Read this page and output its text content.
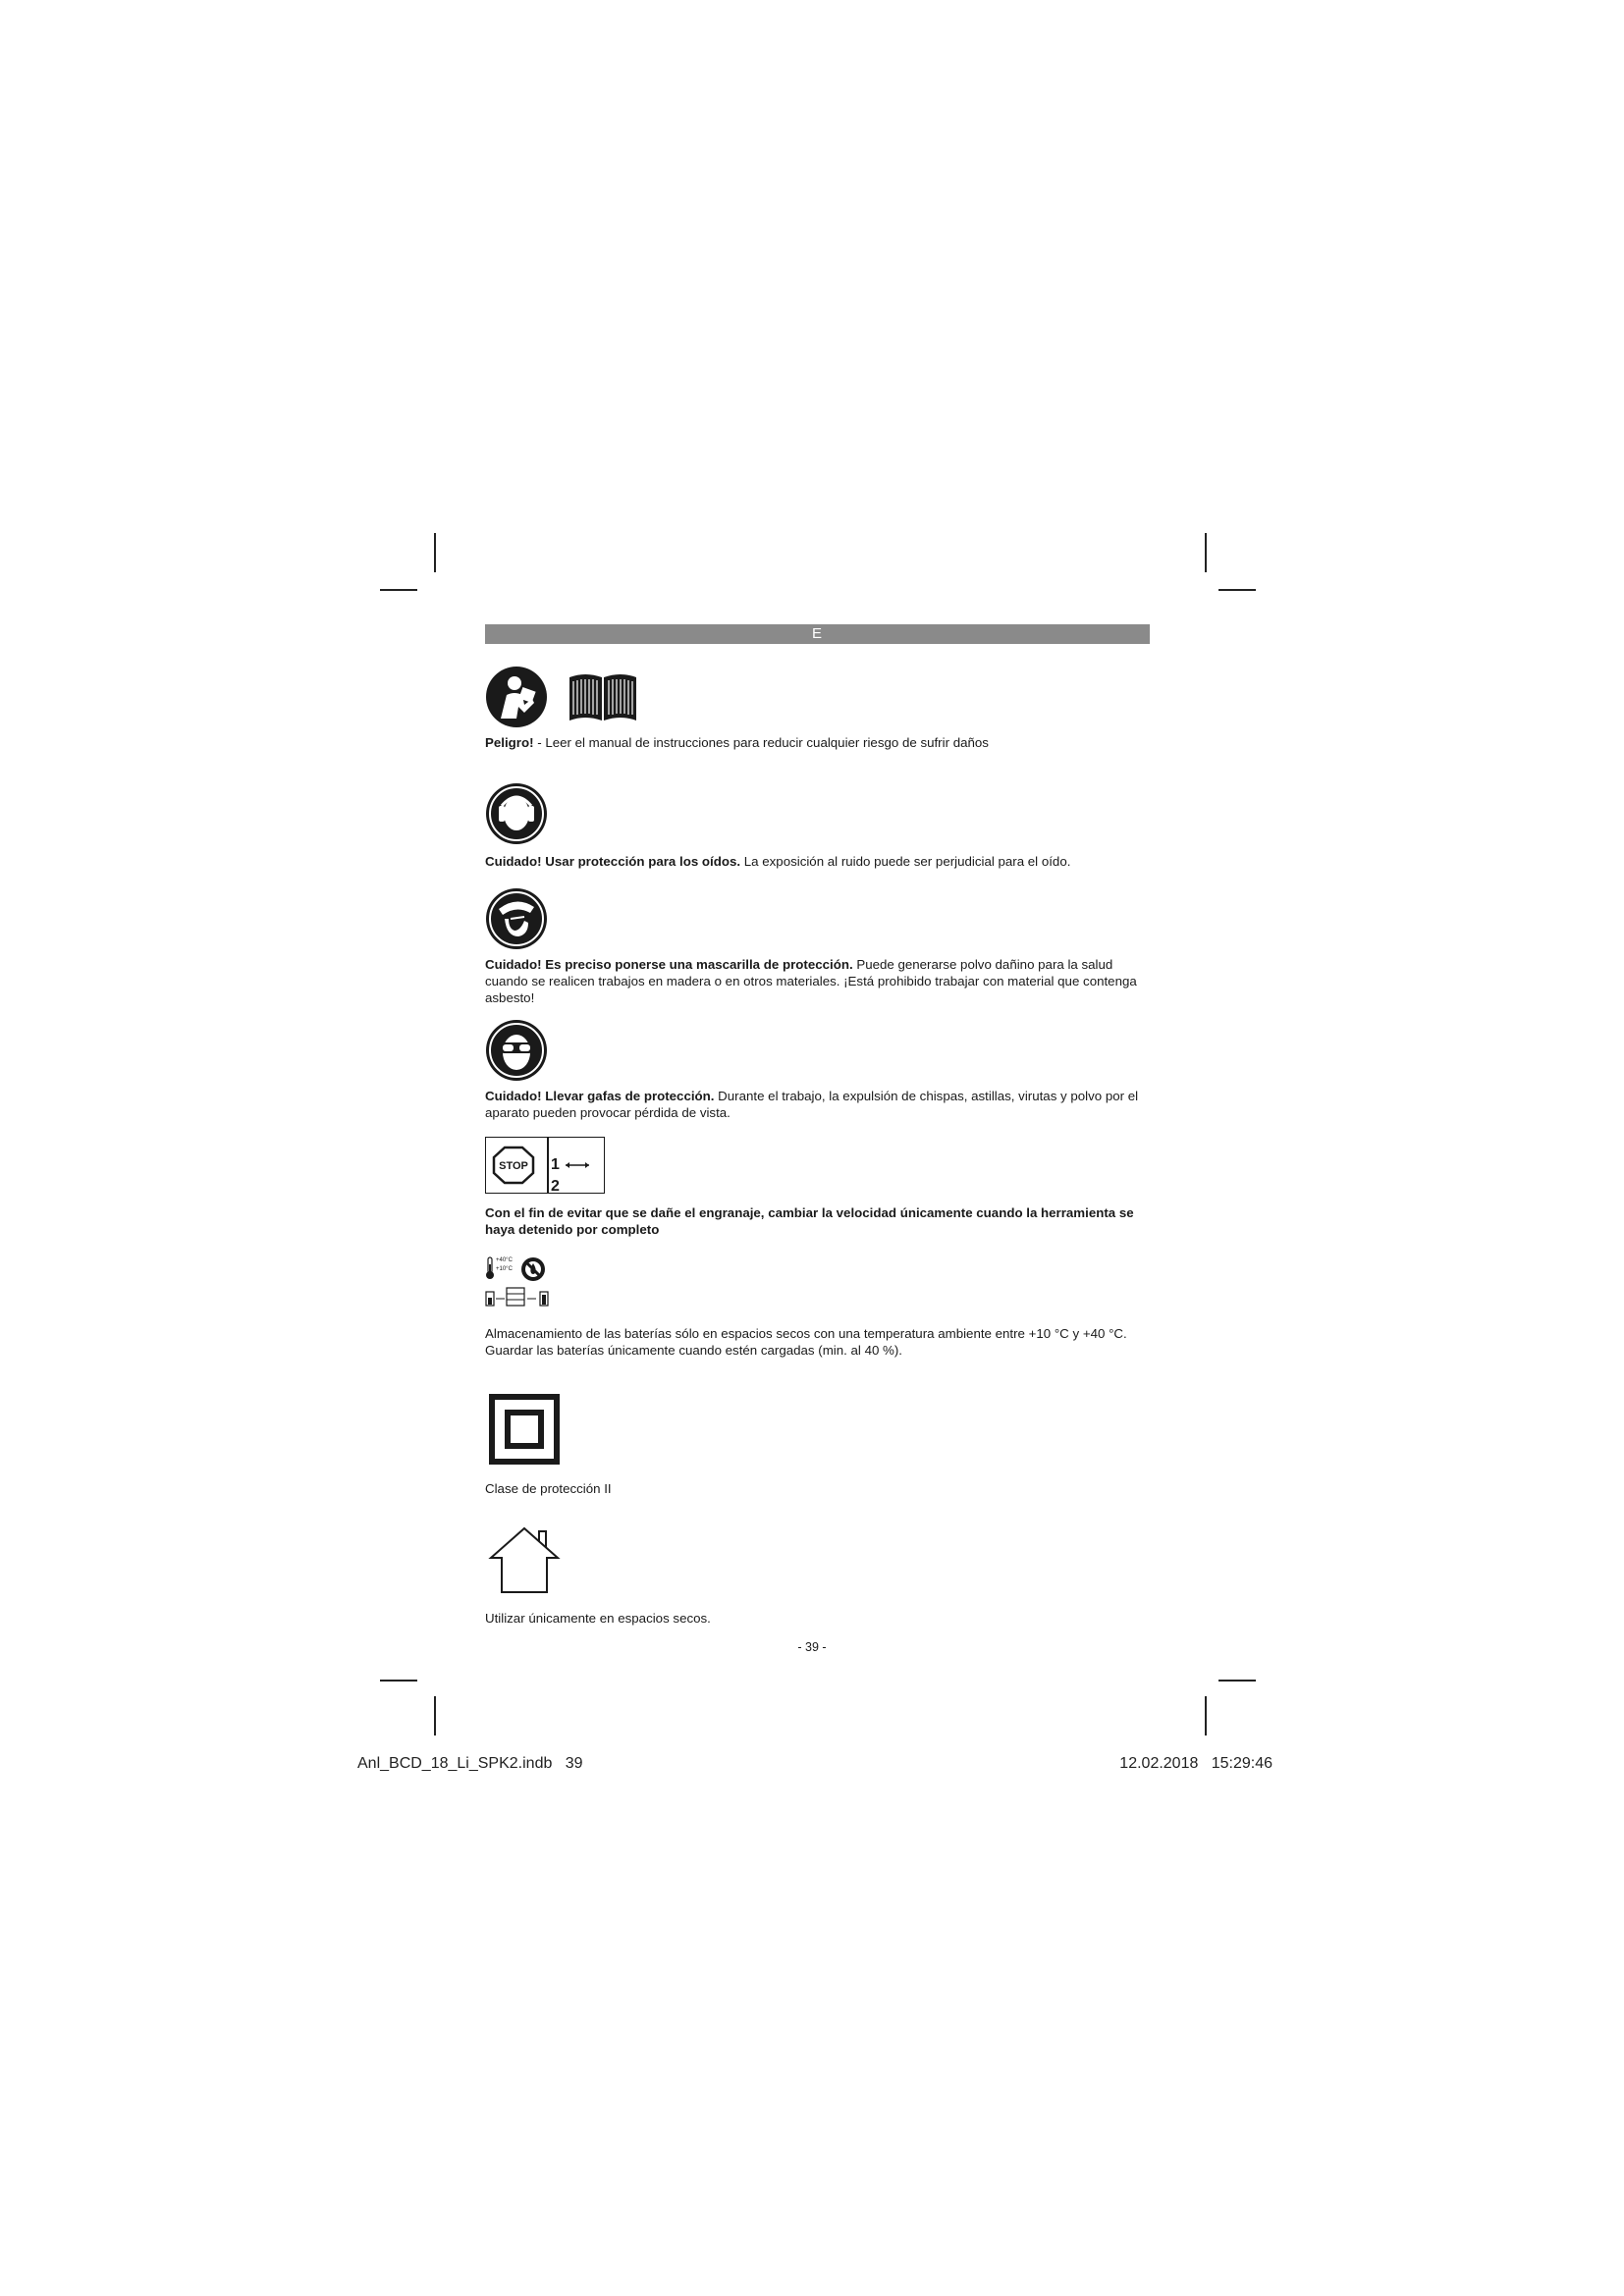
E
Peligro! - Leer el manual de instrucciones para reducir cualquier riesgo de sufrir daños
Cuidado! Usar protección para los oídos. La exposición al ruido puede ser perjudicial para el oído.
Cuidado! Es preciso ponerse una mascarilla de protección. Puede generarse polvo dañino para la salud cuando se realicen trabajos en madera o en otros materiales. ¡Está prohibido trabajar con material que contenga asbesto!
Cuidado! Llevar gafas de protección. Durante el trabajo, la expulsión de chispas, astillas, virutas y polvo por el aparato pueden provocar pérdida de vista.
STOP 1  2
Con el fin de evitar que se dañe el engranaje, cambiar la velocidad únicamente cuando la herramienta se haya detenido por completo
+40°C
+10°C
Almacenamiento de las baterías sólo en espacios secos con una temperatura ambiente entre +10 °C y +40 °C. Guardar las baterías únicamente cuando estén cargadas (min. al 40 %).
Clase de protección II
Utilizar únicamente en espacios secos.
- 39 -
Anl_BCD_18_Li_SPK2.indb   39	12.02.2018   15:29:46
